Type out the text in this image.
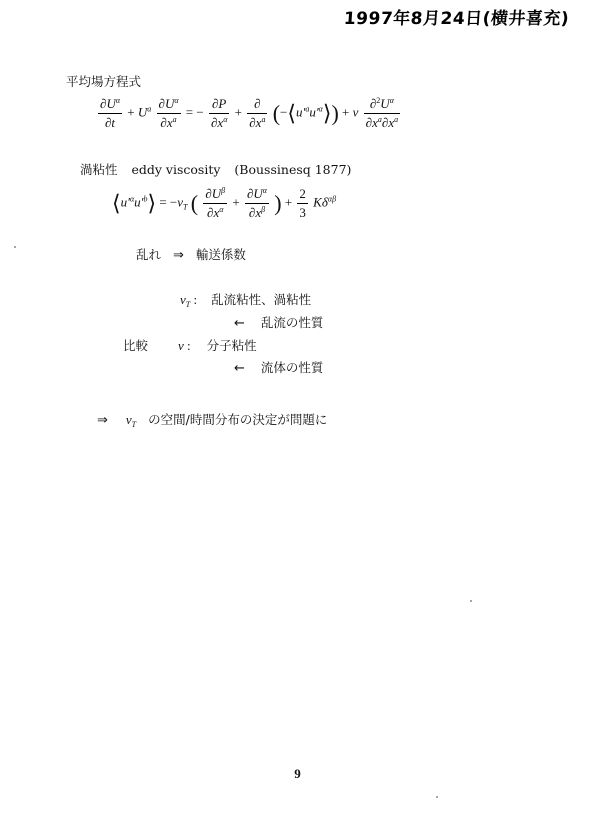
1997年8月24日(横井喜充)
平均場方程式
$\frac{\partial U^\alpha}{\partial t} + U^a \frac{\partial U^\alpha}{\partial x^a}$ = − $\frac{\partial P}{\partial x^\alpha} + \frac{\partial}{\partial x^a}$ $(-⟨u'^au'^\alpha⟩) + \nu \frac{\partial^2U^\alpha}{\partial x^a\partial x^a}$
渦粘性 eddy viscosity (Boussinesq 1877)
$⟨u'^\alpha u'^b⟩ = -\nu_T$ ( $\frac{\partial U^\beta}{\partial x^\alpha} + \frac{\partial U^\alpha}{\partial x^\beta}$ ) + $\frac{2}{3} K\delta^{\alpha\beta}$
乱れ ⇒ 輸送係数
$\nu_T$ : 乱流粘性、渦粘性
← 乱流の性質
比較 ν : 分子粘性
← 流体の性質
⇒ $\nu_T$ の空間/時間分布の決定が問題に
9
